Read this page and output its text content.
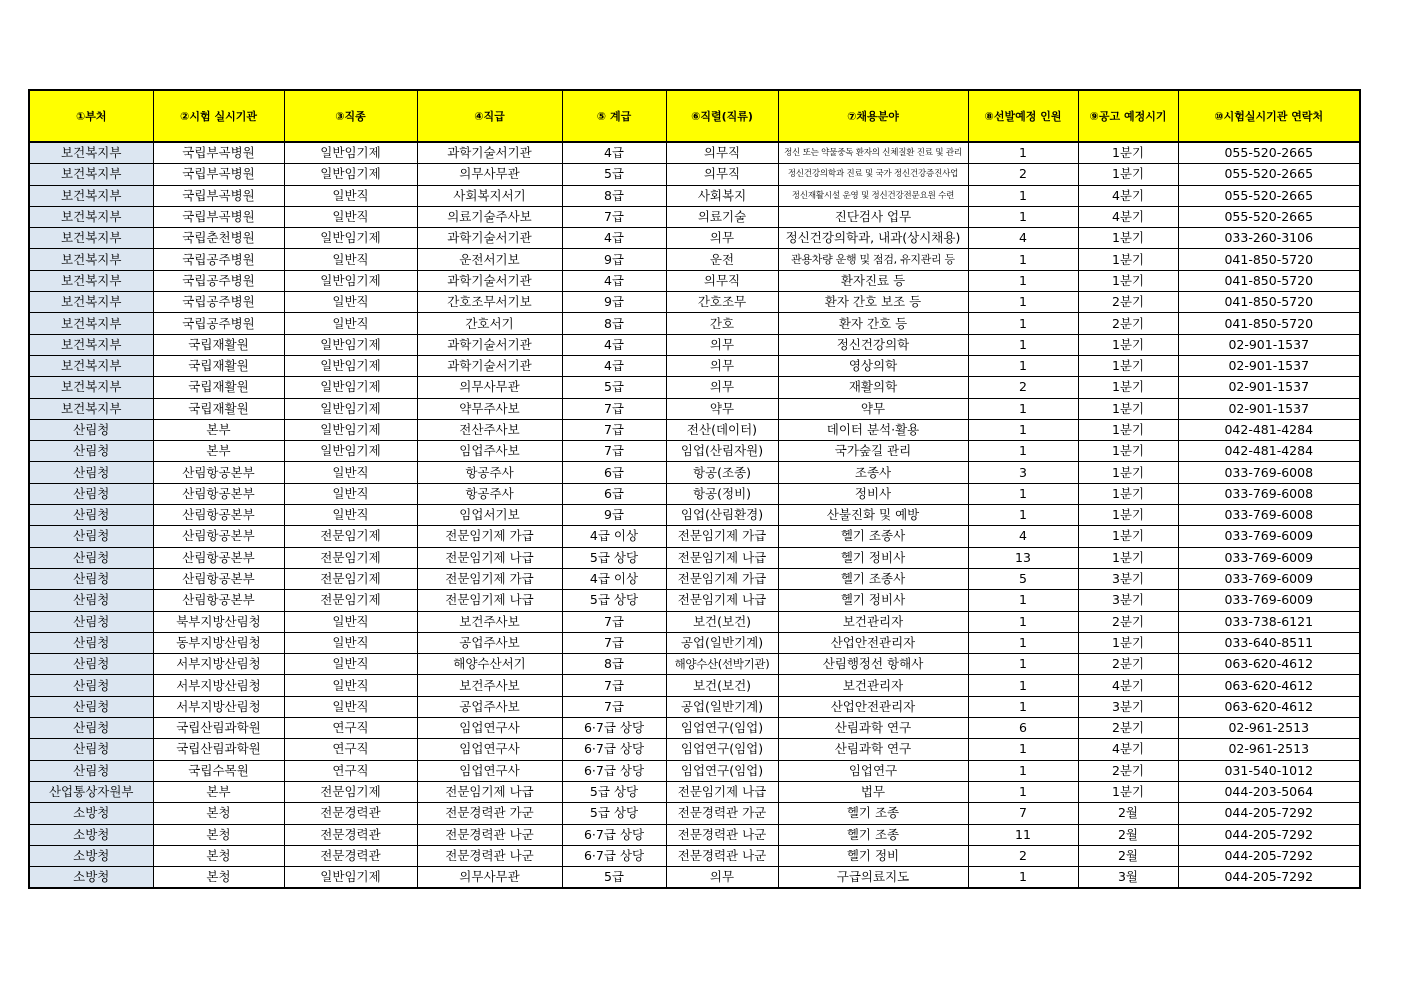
①부처	②시험 실시기관	③직종	④직급	⑤ 계급	⑥직렬(직류)	⑦채용분야	⑧선발예정 인원	⑨공고 예정시기	⑩시험실시기관 연락처
보건복지부	국립부곡병원	일반임기제	과학기술서기관	4급	의무직	정신 또는 약물중독 환자의 신체질환 진료 및 관리	1	1분기	055-520-2665
보건복지부	국립부곡병원	일반임기제	의무사무관	5급	의무직	정신건강의학과 진료 및 국가 정신건강증진사업	2	1분기	055-520-2665
보건복지부	국립부곡병원	일반직	사회복지서기	8급	사회복지	정신재활시설 운영 및 정신건강전문요원 수련	1	4분기	055-520-2665
보건복지부	국립부곡병원	일반직	의료기술주사보	7급	의료기술	진단검사 업무	1	4분기	055-520-2665
보건복지부	국립춘천병원	일반임기제	과학기술서기관	4급	의무	정신건강의학과, 내과(상시채용)	4	1분기	033-260-3106
보건복지부	국립공주병원	일반직	운전서기보	9급	운전	관용차량 운행 및 점검, 유지관리 등	1	1분기	041-850-5720
보건복지부	국립공주병원	일반임기제	과학기술서기관	4급	의무직	환자진료 등	1	1분기	041-850-5720
보건복지부	국립공주병원	일반직	간호조무서기보	9급	간호조무	환자 간호 보조 등	1	2분기	041-850-5720
보건복지부	국립공주병원	일반직	간호서기	8급	간호	환자 간호 등	1	2분기	041-850-5720
보건복지부	국립재활원	일반임기제	과학기술서기관	4급	의무	정신건강의학	1	1분기	02-901-1537
보건복지부	국립재활원	일반임기제	과학기술서기관	4급	의무	영상의학	1	1분기	02-901-1537
보건복지부	국립재활원	일반임기제	의무사무관	5급	의무	재활의학	2	1분기	02-901-1537
보건복지부	국립재활원	일반임기제	약무주사보	7급	약무	약무	1	1분기	02-901-1537
산림청	본부	일반임기제	전산주사보	7급	전산(데이터)	데이터 분석·활용	1	1분기	042-481-4284
산림청	본부	일반임기제	임업주사보	7급	임업(산림자원)	국가숲길 관리	1	1분기	042-481-4284
산림청	산림항공본부	일반직	항공주사	6급	항공(조종)	조종사	3	1분기	033-769-6008
산림청	산림항공본부	일반직	항공주사	6급	항공(정비)	정비사	1	1분기	033-769-6008
산림청	산림항공본부	일반직	임업서기보	9급	임업(산림환경)	산불진화 및 예방	1	1분기	033-769-6008
산림청	산림항공본부	전문임기제	전문임기제 가급	4급 이상	전문임기제 가급	헬기 조종사	4	1분기	033-769-6009
산림청	산림항공본부	전문임기제	전문임기제 나급	5급 상당	전문임기제 나급	헬기 정비사	13	1분기	033-769-6009
산림청	산림항공본부	전문임기제	전문임기제 가급	4급 이상	전문임기제 가급	헬기 조종사	5	3분기	033-769-6009
산림청	산림항공본부	전문임기제	전문임기제 나급	5급 상당	전문임기제 나급	헬기 정비사	1	3분기	033-769-6009
산림청	북부지방산림청	일반직	보건주사보	7급	보건(보건)	보건관리자	1	2분기	033-738-6121
산림청	동부지방산림청	일반직	공업주사보	7급	공업(일반기계)	산업안전관리자	1	1분기	033-640-8511
산림청	서부지방산림청	일반직	해양수산서기	8급	해양수산(선박기관)	산림행정선 항해사	1	2분기	063-620-4612
산림청	서부지방산림청	일반직	보건주사보	7급	보건(보건)	보건관리자	1	4분기	063-620-4612
산림청	서부지방산림청	일반직	공업주사보	7급	공업(일반기계)	산업안전관리자	1	3분기	063-620-4612
산림청	국립산림과학원	연구직	임업연구사	6·7급 상당	임업연구(임업)	산림과학 연구	6	2분기	02-961-2513
산림청	국립산림과학원	연구직	임업연구사	6·7급 상당	임업연구(임업)	산림과학 연구	1	4분기	02-961-2513
산림청	국립수목원	연구직	임업연구사	6·7급 상당	임업연구(임업)	임업연구	1	2분기	031-540-1012
산업통상자원부	본부	전문임기제	전문임기제 나급	5급 상당	전문임기제 나급	법무	1	1분기	044-203-5064
소방청	본청	전문경력관	전문경력관 가군	5급 상당	전문경력관 가군	헬기 조종	7	2월	044-205-7292
소방청	본청	전문경력관	전문경력관 나군	6·7급 상당	전문경력관 나군	헬기 조종	11	2월	044-205-7292
소방청	본청	전문경력관	전문경력관 나군	6·7급 상당	전문경력관 나군	헬기 정비	2	2월	044-205-7292
소방청	본청	일반임기제	의무사무관	5급	의무	구급의료지도	1	3월	044-205-7292
